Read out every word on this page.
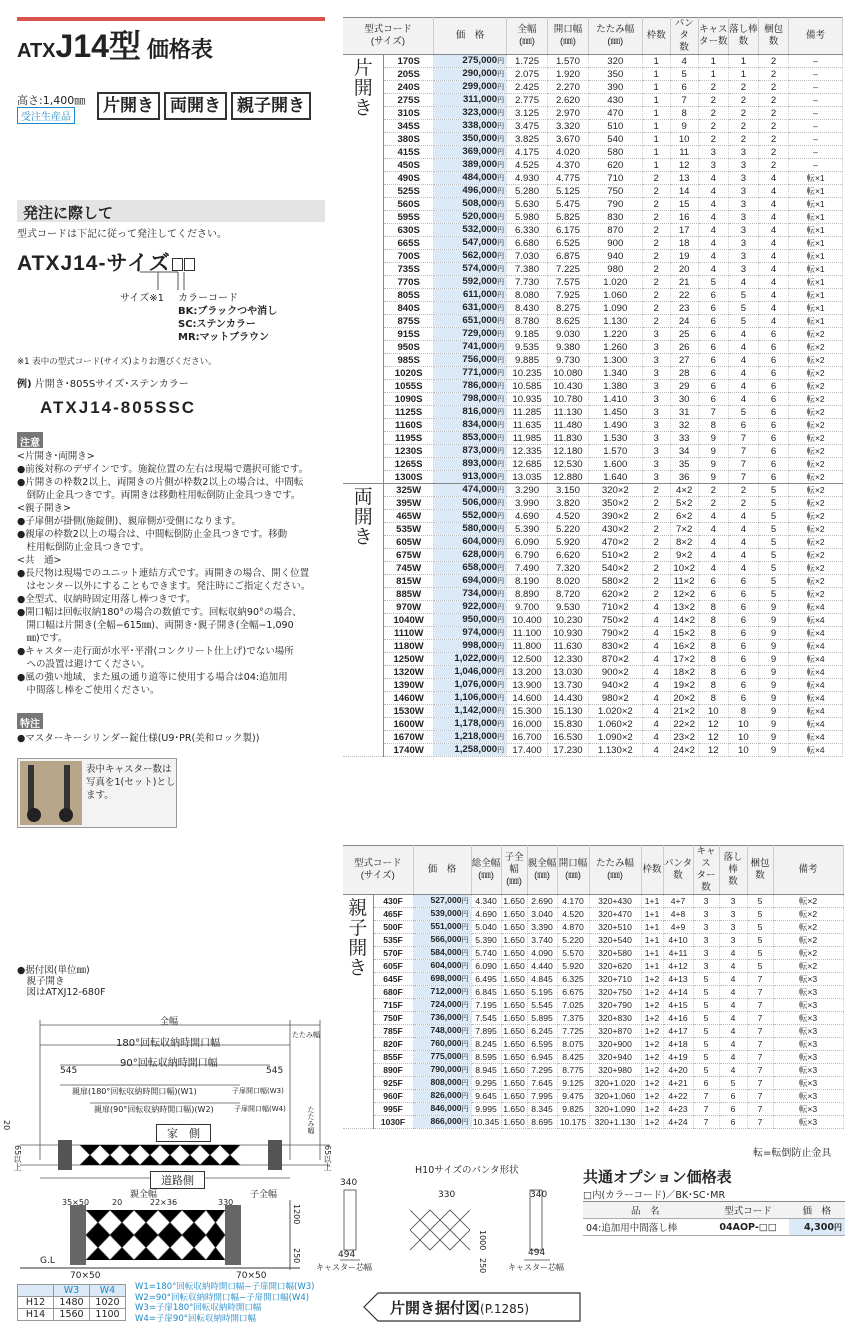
ATXJ14型 価格表
高さ:1,400㎜
受注生産品
片開き 両開き 親子開き
発注に際して
型式コードは下記に従って発注してください。
ATXJ14-サイズ
サイズ※1 カラーコード
BK:ブラックつや消し
SC:ステンカラー
MR:マットブラウン
※1 表中の型式コード(サイズ)よりお選びください。
例) 片開き･805Sサイズ･ステンカラー
ATXJ14-805SSC
注意
<片開き･両開き>
●前後対称のデザインです。施錠位置の左右は現場で選択可能です。
●片開きの枠数2以上、両開きの片側が枠数2以上の場合は、中間転
　倒防止金具つきです。両開きは移動柱用転倒防止金具つきです。
<親子開き>
●子扉側が掛側(施錠側)、親扉側が受側になります。
●親扉の枠数2以上の場合は、中間転倒防止金具つきです。移動
　柱用転倒防止金具つきです。
<共　通>
●長尺物は現場でのユニット連結方式です。両開きの場合、開く位置
　はセンター以外にすることもできます。発注時にご指定ください。
●全型式、収納時固定用落し棒つきです。
●開口幅は回転収納180°の場合の数値です。回転収納90°の場合、
　開口幅は片開き(全幅−615㎜)、両開き･親子開き(全幅−1,090
　㎜)です。
●キャスター走行面が水平･平滑(コンクリート仕上げ)でない場所
　への設置は避けてください。
●風の強い地域、また風の通り道等に使用する場合は04:追加用
　中間落し棒をご使用ください。
特注
●マスターキーシリンダー錠仕様(U9･PR(美和ロック製))
表中キャスター数は写真を1(セット)とします。
型式コード
(サイズ)		価　格	全幅
(㎜)	開口幅
(㎜)	たたみ幅
(㎜)	枠数	パンタ
数	キャス
ター数	落し棒
数	梱包
数	備考
片
開
き	170S	275,000円	1.725	1.570	320	1	4	1	1	2	–
	205S	290,000円	2.075	1.920	350	1	5	1	1	2	–
	240S	299,000円	2.425	2.270	390	1	6	2	2	2	–
	275S	311,000円	2.775	2.620	430	1	7	2	2	2	–
	310S	323,000円	3.125	2.970	470	1	8	2	2	2	–
	345S	338,000円	3.475	3.320	510	1	9	2	2	2	–
	380S	350,000円	3.825	3.670	540	1	10	2	2	2	–
	415S	369,000円	4.175	4.020	580	1	11	3	3	2	–
	450S	389,000円	4.525	4.370	620	1	12	3	3	2	–
	490S	484,000円	4.930	4.775	710	2	13	4	3	4	転×1
	525S	496,000円	5.280	5.125	750	2	14	4	3	4	転×1
	560S	508,000円	5.630	5.475	790	2	15	4	3	4	転×1
	595S	520,000円	5.980	5.825	830	2	16	4	3	4	転×1
	630S	532,000円	6.330	6.175	870	2	17	4	3	4	転×1
	665S	547,000円	6.680	6.525	900	2	18	4	3	4	転×1
	700S	562,000円	7.030	6.875	940	2	19	4	3	4	転×1
	735S	574,000円	7.380	7.225	980	2	20	4	3	4	転×1
	770S	592,000円	7.730	7.575	1.020	2	21	5	4	4	転×1
	805S	611,000円	8.080	7.925	1.060	2	22	6	5	4	転×1
	840S	631,000円	8.430	8.275	1.090	2	23	6	5	4	転×1
	875S	651,000円	8.780	8.625	1.130	2	24	6	5	4	転×1
	915S	729,000円	9.185	9.030	1.220	3	25	6	4	6	転×2
	950S	741,000円	9.535	9.380	1.260	3	26	6	4	6	転×2
	985S	756,000円	9.885	9.730	1.300	3	27	6	4	6	転×2
	1020S	771,000円	10.235	10.080	1.340	3	28	6	4	6	転×2
	1055S	786,000円	10.585	10.430	1.380	3	29	6	4	6	転×2
	1090S	798,000円	10.935	10.780	1.410	3	30	6	4	6	転×2
	1125S	816,000円	11.285	11.130	1.450	3	31	7	5	6	転×2
	1160S	834,000円	11.635	11.480	1.490	3	32	8	6	6	転×2
	1195S	853,000円	11.985	11.830	1.530	3	33	9	7	6	転×2
	1230S	873,000円	12.335	12.180	1.570	3	34	9	7	6	転×2
	1265S	893,000円	12.685	12.530	1.600	3	35	9	7	6	転×2
	1300S	913,000円	13.035	12.880	1.640	3	36	9	7	6	転×2
両
開
き	325W	474,000円	3.290	3.150	320×2	2	4×2	2	2	5	転×2
	395W	506,000円	3.990	3.820	350×2	2	5×2	2	2	5	転×2
	465W	552,000円	4.690	4.520	390×2	2	6×2	4	4	5	転×2
	535W	580,000円	5.390	5.220	430×2	2	7×2	4	4	5	転×2
	605W	604,000円	6.090	5.920	470×2	2	8×2	4	4	5	転×2
	675W	628,000円	6.790	6.620	510×2	2	9×2	4	4	5	転×2
	745W	658,000円	7.490	7.320	540×2	2	10×2	4	4	5	転×2
	815W	694,000円	8.190	8.020	580×2	2	11×2	6	6	5	転×2
	885W	734,000円	8.890	8.720	620×2	2	12×2	6	6	5	転×2
	970W	922,000円	9.700	9.530	710×2	4	13×2	8	6	9	転×4
	1040W	950,000円	10.400	10.230	750×2	4	14×2	8	6	9	転×4
	1110W	974,000円	11.100	10.930	790×2	4	15×2	8	6	9	転×4
	1180W	998,000円	11.800	11.630	830×2	4	16×2	8	6	9	転×4
	1250W	1,022,000円	12.500	12.330	870×2	4	17×2	8	6	9	転×4
	1320W	1,046,000円	13.200	13.030	900×2	4	18×2	8	6	9	転×4
	1390W	1,076,000円	13.900	13.730	940×2	4	19×2	8	6	9	転×4
	1460W	1,106,000円	14.600	14.430	980×2	4	20×2	8	6	9	転×4
	1530W	1,142,000円	15.300	15.130	1.020×2	4	21×2	10	8	9	転×4
	1600W	1,178,000円	16.000	15.830	1.060×2	4	22×2	12	10	9	転×4
	1670W	1,218,000円	16.700	16.530	1.090×2	4	23×2	12	10	9	転×4
	1740W	1,258,000円	17.400	17.230	1.130×2	4	24×2	12	10	9	転×4
型式コード
(サイズ)		価　格	総全幅
(㎜)	子全幅
(㎜)	親全幅
(㎜)	開口幅
(㎜)	たたみ幅
(㎜)	枠数	パンタ
数	キャス
ター数	落し棒
数	梱包
数	備考
親
子
開
き	430F	527,000円	4.340	1.650	2.690	4.170	320+430	1+1	4+7	3	3	5	転×2
	465F	539,000円	4.690	1.650	3.040	4.520	320+470	1+1	4+8	3	3	5	転×2
	500F	551,000円	5.040	1.650	3.390	4.870	320+510	1+1	4+9	3	3	5	転×2
	535F	566,000円	5.390	1.650	3.740	5.220	320+540	1+1	4+10	3	3	5	転×2
	570F	584,000円	5.740	1.650	4.090	5.570	320+580	1+1	4+11	3	4	5	転×2
	605F	604,000円	6.090	1.650	4.440	5.920	320+620	1+1	4+12	3	4	5	転×2
	645F	698,000円	6.495	1.650	4.845	6.325	320+710	1+2	4+13	5	4	7	転×3
	680F	712,000円	6.845	1.650	5.195	6.675	320+750	1+2	4+14	5	4	7	転×3
	715F	724,000円	7.195	1.650	5.545	7.025	320+790	1+2	4+15	5	4	7	転×3
	750F	736,000円	7.545	1.650	5.895	7.375	320+830	1+2	4+16	5	4	7	転×3
	785F	748,000円	7.895	1.650	6.245	7.725	320+870	1+2	4+17	5	4	7	転×3
	820F	760,000円	8.245	1.650	6.595	8.075	320+900	1+2	4+18	5	4	7	転×3
	855F	775,000円	8.595	1.650	6.945	8.425	320+940	1+2	4+19	5	4	7	転×3
	890F	790,000円	8.945	1.650	7.295	8.775	320+980	1+2	4+20	5	4	7	転×3
	925F	808,000円	9.295	1.650	7.645	9.125	320+1.020	1+2	4+21	6	5	7	転×3
	960F	826,000円	9.645	1.650	7.995	9.475	320+1.060	1+2	4+22	7	6	7	転×3
	995F	846,000円	9.995	1.650	8.345	9.825	320+1.090	1+2	4+23	7	6	7	転×3
	1030F	866,000円	10.345	1.650	8.695	10.175	320+1.130	1+2	4+24	7	6	7	転×3
転=転倒防止金具
●据付図(単位㎜)
　親子開き
　図はATXJ12-680F
全幅
180°回転収納時開口幅
90°回転収納時開口幅
たたみ幅
545	545
親扉(180°回転収納時開口幅)(W1)	子扉開口幅(W3)
親扉(90°回転収納時開口幅)(W2)	子扉開口幅(W4)
家　側
道路側
親全幅	子全幅
35×50	20	22×36	330
G.L
70×50	70×50
20
65以上	65以上
1200
250
たたみ幅
H10サイズのパンタ形状
340
494
キャスター芯幅
330	340
1000
250
494
キャスター芯幅
	W3	W4
H12	1480	1020
H14	1560	1100
W1=180°回転収納時開口幅−子扉開口幅(W3)
W2=90°回転収納時開口幅−子扉開口幅(W4)
W3=子扉180°回転収納時開口幅
W4=子扉90°回転収納時開口幅
片開き据付図(P.1285)
共通オプション価格表
□内(カラーコード)／BK･SC･MR
品　名	型式コード	価　格
04:追加用中間落し棒	04AOP-□□	4,300円
